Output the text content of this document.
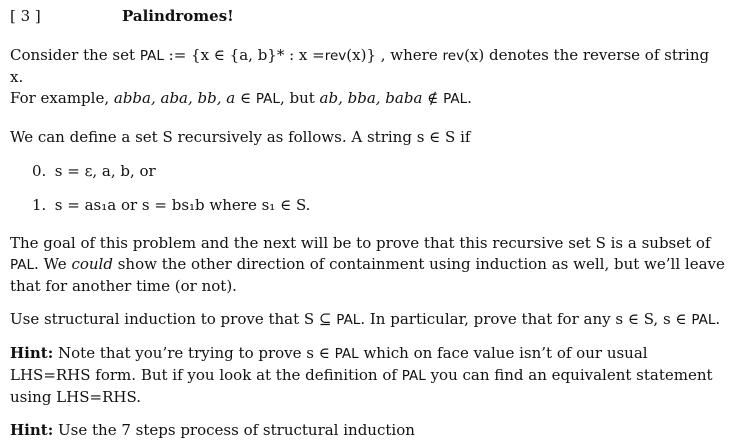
[ 3 ]	Palindromes!

Consider the set PAL := {x ∈ {a, b}* : x =rev(x)} , where rev(x) denotes the reverse of string x.
For example, abba, aba, bb, a ∈ PAL, but ab, bba, baba ∉ PAL.

We can define a set S recursively as follows. A string s ∈ S if

0. s = ε, a, b, or

1. s = as₁a or s = bs₁b where s₁ ∈ S.

The goal of this problem and the next will be to prove that this recursive set S is a subset of PAL. We could show the other direction of containment using induction as well, but we’ll leave that for another time (or not).

Use structural induction to prove that S ⊆ PAL. In particular, prove that for any s ∈ S, s ∈ PAL.

Hint: Note that you’re trying to prove s ∈ PAL which on face value isn’t of our usual LHS=RHS form. But if you look at the definition of PAL you can find an equivalent statement using LHS=RHS.

Hint: Use the 7 steps process of structural induction
